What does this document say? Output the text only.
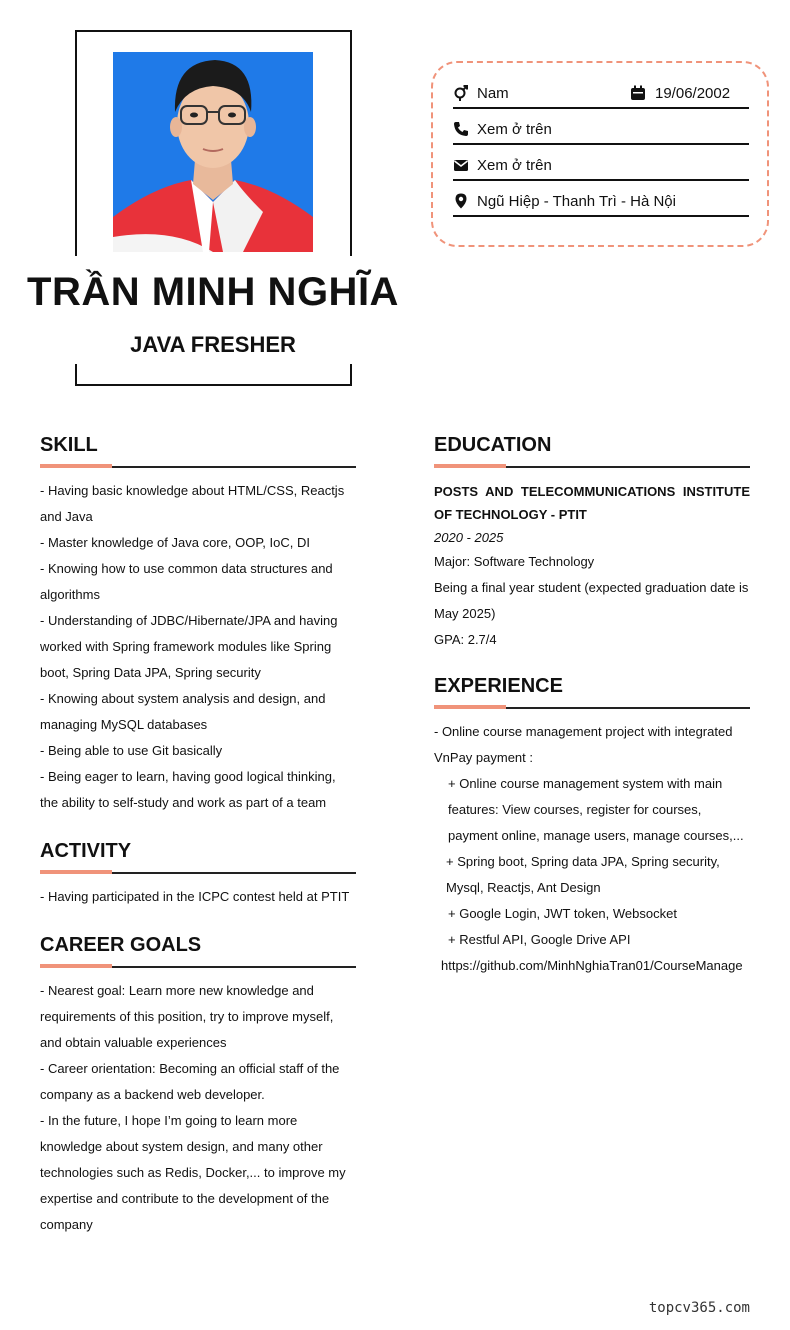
TRẦN MINH NGHĨA
JAVA FRESHER
Nam	19/06/2002
Xem ở trên
Xem ở trên
Ngũ Hiệp - Thanh Trì - Hà Nội
SKILL

- Having basic knowledge about HTML/CSS, Reactjs and Java

- Master knowledge of Java core, OOP, IoC, DI

- Knowing how to use common data structures and algorithms

- Understanding of JDBC/Hibernate/JPA and having worked with Spring framework modules like Spring boot, Spring Data JPA, Spring security

- Knowing about system analysis and design, and managing MySQL databases

- Being able to use Git basically

- Being eager to learn, having good logical thinking, the ability to self-study and work as part of a team

ACTIVITY

- Having participated in the ICPC contest held at PTIT

CAREER GOALS

- Nearest goal: Learn more new knowledge and requirements of this position, try to improve myself, and obtain valuable experiences

- Career orientation: Becoming an official staff of the company as a backend web developer.

- In the future, I hope I’m going to learn more knowledge about system design, and many other technologies such as Redis, Docker,... to improve my expertise and contribute to the development of the company

EDUCATION
POSTS AND TELECOMMUNICATIONS INSTITUTE OF TECHNOLOGY - PTIT
2020 - 2025
Major: Software Technology
Being a final year student (expected graduation date is May 2025)
GPA: 2.7/4
EXPERIENCE

- Online course management project with integrated VnPay payment :

+ Online course management system with main features: View courses, register for courses, payment online, manage users, manage courses,...

+ Spring boot, Spring data JPA, Spring security, Mysql, Reactjs, Ant Design

+ Google Login, JWT token, Websocket

+ Restful API, Google Drive API

https://github.com/MinhNghiaTran01/CourseManage

topcv365.com
